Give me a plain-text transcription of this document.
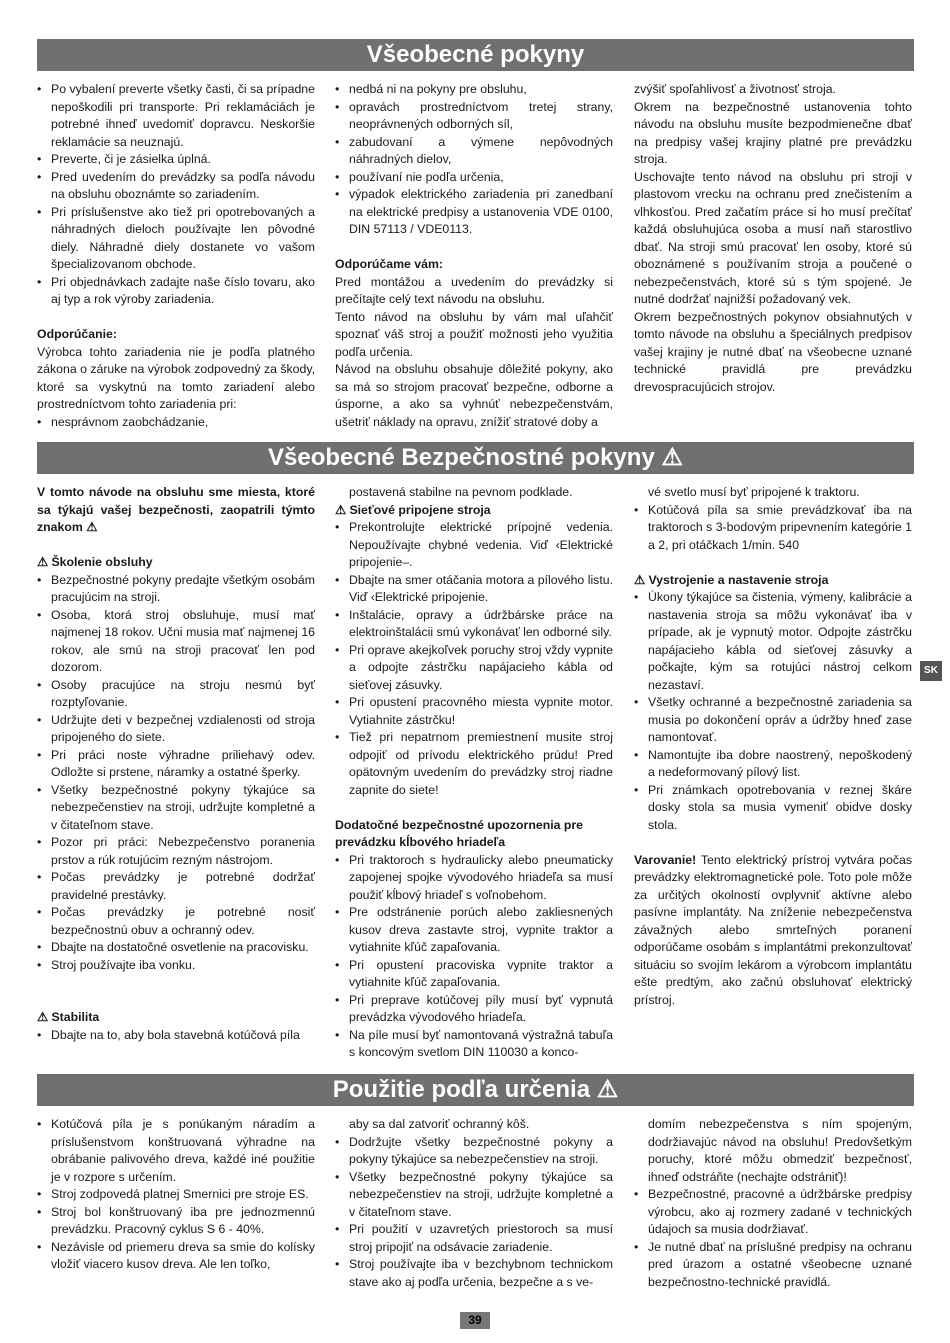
Všeobecné pokyny
• Po vybalení preverte všetky časti, či sa prípadne nepoškodili pri transporte. Pri reklamáciách je potrebné ihneď uvedomiť dopravcu. Neskoršie reklamácie sa neuznajú.
• Preverte, či je zásielka úplná.
• Pred uvedením do prevádzky sa podľa návodu na obsluhu oboznámte so zariadením.
• Pri príslušenstve ako tiež pri opotrebovaných a náhradných dieloch používajte len pôvodné diely. Náhradné diely dostanete vo vašom špecializovanom obchode.
• Pri objednávkach zadajte naše číslo tovaru, ako aj typ a rok výroby zariadenia.
Odporúčanie:

Výrobca tohto zariadenia nie je podľa platného zákona o záruke na výrobok zodpovedný za škody, ktoré sa vyskytnú na tomto zariadení alebo prostredníctvom tohto zariadenia pri:

• nesprávnom zaobchádzanie,
• nedbá ni na pokyny pre obsluhu,
• opravách prostredníctvom tretej strany, neoprávnených odborných síl,
• zabudovaní a výmene nepôvodných náhradných dielov,
• používaní nie podľa určenia,
• výpadok elektrického zariadenia pri zanedbaní na elektrické predpisy a ustanovenia VDE 0100, DIN 57113 / VDE0113.
Odporúčame vám:

Pred montážou a uvedením do prevádzky si prečítajte celý text návodu na obsluhu.

Tento návod na obsluhu by vám mal uľahčiť spoznať váš stroj a použiť možnosti jeho využitia podľa určenia.

Návod na obsluhu obsahuje dôležité pokyny, ako sa má so strojom pracovať bezpečne, odborne a úsporne, a ako sa vyhnúť nebezpečenstvám, ušetriť náklady na opravu, znížiť stratové doby a

zvýšiť spoľahlivosť a životnosť stroja.

Okrem na bezpečnostné ustanovenia tohto návodu na obsluhu musíte bezpodmienečne dbať na predpisy vašej krajiny platné pre prevádzku stroja.

Uschovajte tento návod na obsluhu pri stroji v plastovom vrecku na ochranu pred znečistením a vlhkosťou. Pred začatím práce si ho musí prečítať každá obsluhujúca osoba a musí naň starostlivo dbať. Na stroji smú pracovať len osoby, ktoré sú oboznámené s používaním stroja a poučené o nebezpečenstvách, ktoré sú s tým spojené. Je nutné dodržať najnižší požadovaný vek.

Okrem bezpečnostných pokynov obsiahnutých v tomto návode na obsluhu a špeciálnych predpisov vašej krajiny je nutné dbať na všeobecne uznané technické pravidlá pre prevádzku drevospracujúcich strojov.

Všeobecné Bezpečnostné pokyny ⚠

V tomto návode na obsluhu sme miesta, ktoré sa týkajú vašej bezpečnosti, zaopatrili týmto znakom ⚠

⚠ Školenie obsluhy
• Bezpečnostné pokyny predajte všetkým osobám pracujúcim na stroji.
• Osoba, ktorá stroj obsluhuje, musí mať najmenej 18 rokov. Učni musia mať najmenej 16 rokov, ale smú na stroji pracovať len pod dozorom.
• Osoby pracujúce na stroju nesmú byť rozptyľovanie.
• Udržujte deti v bezpečnej vzdialenosti od stroja pripojeného do siete.
• Pri práci noste výhradne priliehavý odev. Odložte si prstene, náramky a ostatné šperky.
• Všetky bezpečnostné pokyny týkajúce sa nebezpečenstiev na stroji, udržujte kompletné a v čitateľnom stave.
• Pozor pri práci: Nebezpečenstvo poranenia prstov a rúk rotujúcim rezným nástrojom.
• Počas prevádzky je potrebné dodržať pravidelné prestávky.
• Počas prevádzky je potrebné nosiť bezpečnostnú obuv a ochranný odev.
• Dbajte na dostatočné osvetlenie na pracovisku.
• Stroj používajte iba vonku.
⚠ Stabilita
• Dbajte na to, aby bola stavebná kotúčová píla

postavená stabilne na pevnom podklade.

⚠ Sieťové pripojene stroja
• Prekontrolujte elektrické prípojné vedenia. Nepoužívajte chybné vedenia. Viď ‹Elektrické pripojenie–.
• Dbajte na smer otáčania motora a pílového listu. Viď ‹Elektrické pripojenie.
• Inštalácie, opravy a údržbárske práce na elektroinštalácii smú vykonávať len odborné sily.
• Pri oprave akejkoľvek poruchy stroj vždy vypnite a odpojte zástrčku napájacieho kábla od sieťovej zásuvky.
• Pri opustení pracovného miesta vypnite motor. Vytiahnite zástrčku!
• Tiež pri nepatrnom premiestnení musite stroj odpojiť od prívodu elektrického prúdu! Pred opätovným uvedením do prevádzky stroj riadne zapnite do siete!
Dodatočné bezpečnostné upozornenia pre prevádzku kĺbového hriadeľa
• Pri traktoroch s hydraulicky alebo pneumaticky zapojenej spojke vývodového hriadeľa sa musí použiť kĺbový hriadeľ s voľnobehom.
• Pre odstránenie porúch alebo zakliesnených kusov dreva zastavte stroj, vypnite traktor a vytiahnite kľúč zapaľovania.
• Pri opustení pracoviska vypnite traktor a vytiahnite kľúč zapaľovania.
• Pri preprave kotúčovej píly musí byť vypnutá prevádzka vývodového hriadeľa.
• Na píle musí byť namontovaná výstražná tabuľa s koncovým svetlom DIN 110030 a konco-

vé svetlo musí byť pripojené k traktoru.

• Kotúčová píla sa smie prevádzkovať iba na traktoroch s 3-bodovým pripevnením kategórie 1 a 2, pri otáčkach 1/min. 540
⚠ Vystrojenie a nastavenie stroja
• Úkony týkajúce sa čistenia, výmeny, kalibrácie a nastavenia stroja sa môžu vykonávať iba v prípade, ak je vypnutý motor. Odpojte zástrčku napájacieho kábla od sieťovej zásuvky a počkajte, kým sa rotujúci nástroj celkom nezastaví.
• Všetky ochranné a bezpečnostné zariadenia sa musia po dokončení opráv a údržby hneď zase namontovať.
• Namontujte iba dobre naostrený, nepoškodený a nedeformovaný pílový list.
• Pri známkach opotrebovania v reznej škáre dosky stola sa musia vymeniť obidve dosky stola.

Varovanie! Tento elektrický prístroj vytvára počas prevádzky elektromagnetické pole. Toto pole môže za určitých okolností ovplyvniť aktívne alebo pasívne implantáty. Na zníženie nebezpečenstva závažných alebo smrteľných poranení odporúčame osobám s implantátmi prekonzultovať situáciu so svojím lekárom a výrobcom implantátu ešte predtým, ako začnú obsluhovať elektrický prístroj.

Použitie podľa určenia ⚠
• Kotúčová píla je s ponúkaným náradím a príslušenstvom konštruovaná výhradne na obrábanie palivového dreva, každé iné použitie je v rozpore s určením.
• Stroj zodpovedá platnej Smernici pre stroje ES.
• Stroj bol konštruovaný iba pre jednozmennú prevádzku. Pracovný cyklus S 6 - 40%.
• Nezávisle od priemeru dreva sa smie do kolísky vložiť viacero kusov dreva. Ale len toľko,

aby sa dal zatvoriť ochranný kôš.

• Dodržujte všetky bezpečnostné pokyny a pokyny týkajúce sa nebezpečenstiev na stroji.
• Všetky bezpečnostné pokyny týkajúce sa nebezpečenstiev na stroji, udržujte kompletné a v čitateľnom stave.
• Pri použití v uzavretých priestoroch sa musí stroj pripojiť na odsávacie zariadenie.
• Stroj používajte iba v bezchybnom technickom stave ako aj podľa určenia, bezpečne a s ve-

domím nebezpečenstva s ním spojeným, dodržiavajúc návod na obsluhu! Predovšetkým poruchy, ktoré môžu obmedziť bezpečnosť, ihneď odstráňte (nechajte odstrániť)!

• Bezpečnostné, pracovné a údržbárske predpisy výrobcu, ako aj rozmery zadané v technických údajoch sa musia dodržiavať.
• Je nutné dbať na príslušné predpisy na ochranu pred úrazom a ostatné všeobecne uznané bezpečnostno-technické pravidlá.
SK
39
